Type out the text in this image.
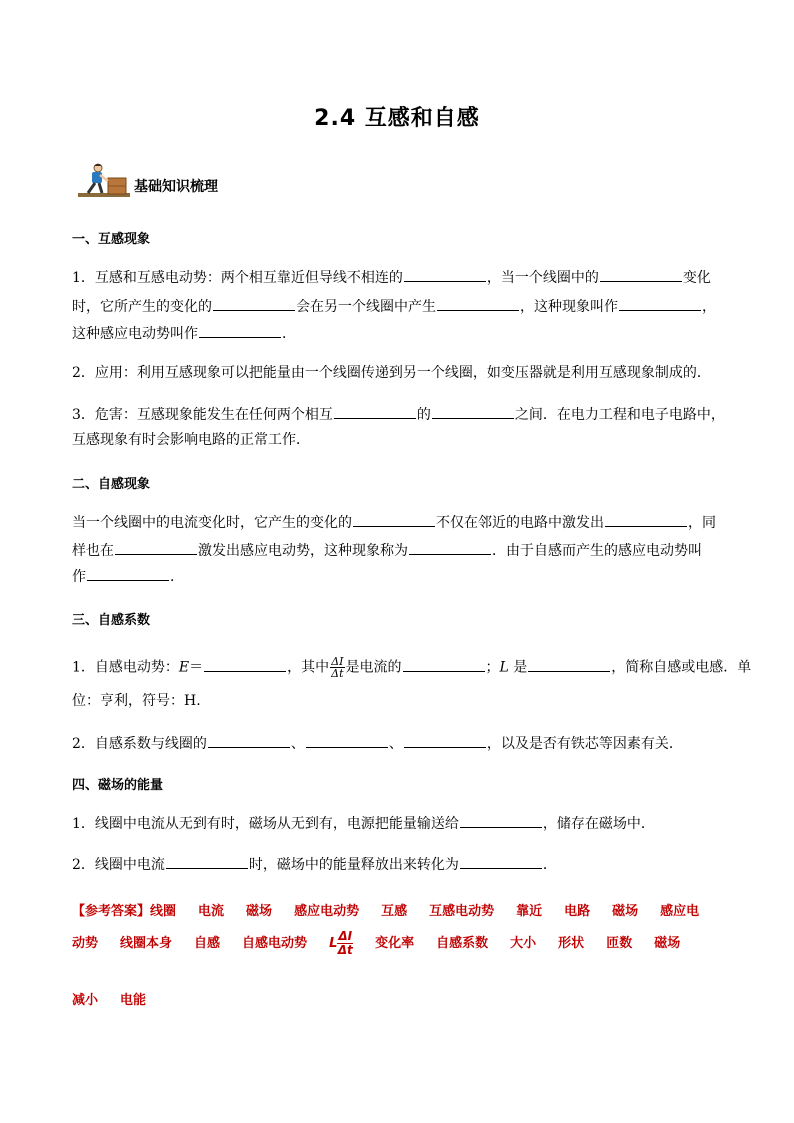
2.4 互感和自感
基础知识梳理
一、互感现象
1．互感和互感电动势：两个相互靠近但导线不相连的	，当一个线圈中的	变化
时，它所产生的变化的	会在另一个线圈中产生	，这种现象叫作	，
这种感应电动势叫作	．
2．应用：利用互感现象可以把能量由一个线圈传递到另一个线圈，如变压器就是利用互感现象制成的．
3．危害：互感现象能发生在任何两个相互	的	之间．在电力工程和电子电路中，
互感现象有时会影响电路的正常工作．
二、自感现象
当一个线圈中的电流变化时，它产生的变化的	不仅在邻近的电路中激发出	，同
样也在	激发出感应电动势，这种现象称为	．由于自感而产生的感应电动势叫
作	．
三、自感系数
1．自感电动势：E＝	，其中 $\frac{\Delta I}{\Delta t}$ 是电流的	；L 是	，简称自感或电感．单
位：亨利，符号：H.
2．自感系数与线圈的	、	、	，以及是否有铁芯等因素有关．
四、磁场的能量
1．线圈中电流从无到有时，磁场从无到有，电源把能量输送给	，储存在磁场中．
2．线圈中电流	时，磁场中的能量释放出来转化为	．
【参考答案】线圈 电流 磁场 感应电动势 互感 互感电动势 靠近 电路 磁场 感应电
动势 线圈本身 自感 自感电动势 L $\frac{\Delta I}{\Delta t}$ 变化率 自感系数 大小 形状 匝数 磁场
减小 电能
